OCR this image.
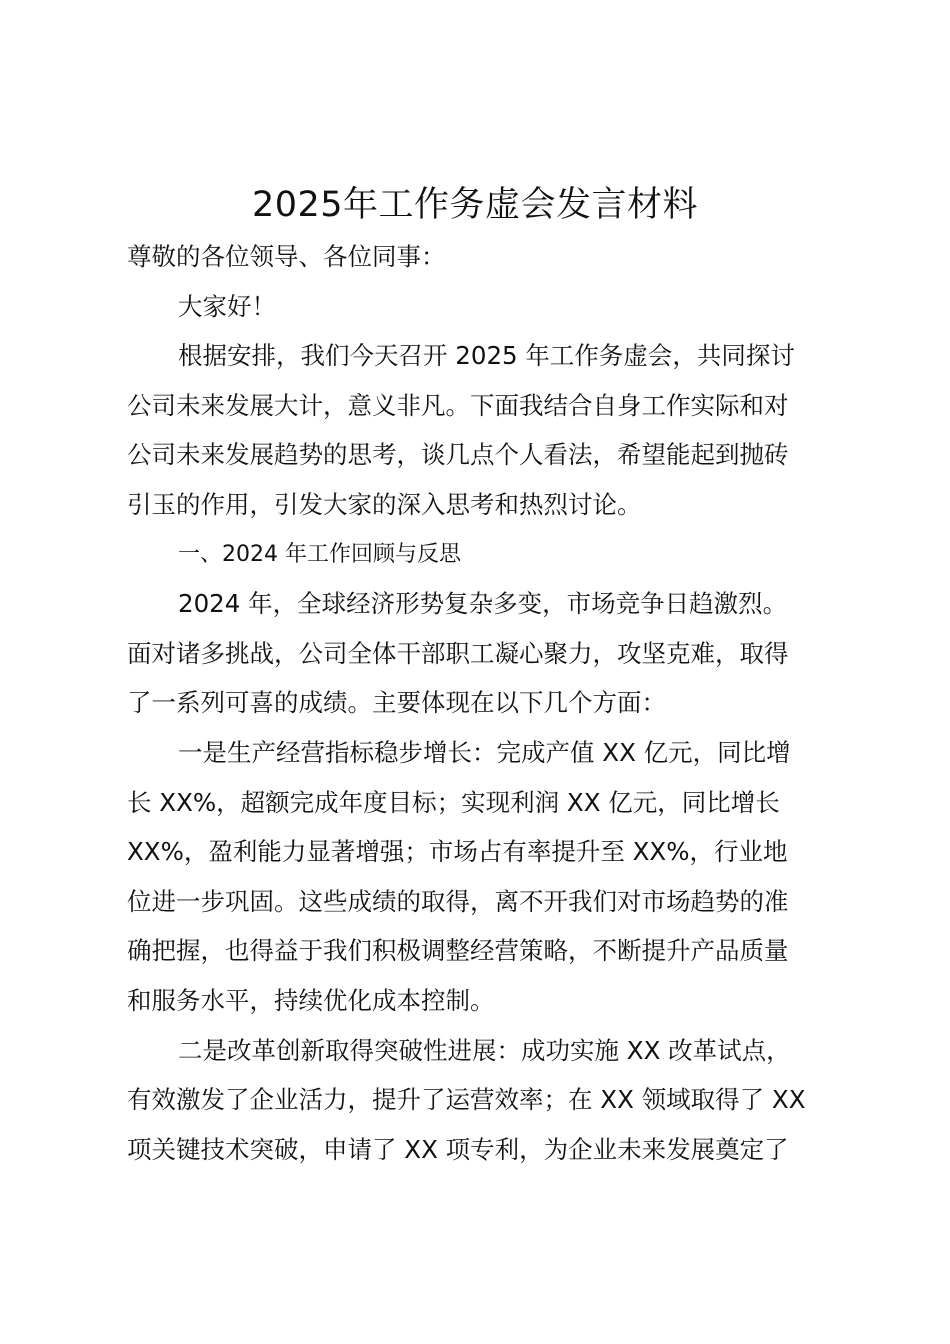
2025年工作务虚会发言材料
尊敬的各位领导、各位同事：
大家好！
根据安排，我们今天召开 2025 年工作务虚会，共同探讨
公司未来发展大计，意义非凡。下面我结合自身工作实际和对
公司未来发展趋势的思考，谈几点个人看法，希望能起到抛砖
引玉的作用，引发大家的深入思考和热烈讨论。
一、2024 年工作回顾与反思
2024 年，全球经济形势复杂多变，市场竞争日趋激烈。
面对诸多挑战，公司全体干部职工凝心聚力，攻坚克难，取得
了一系列可喜的成绩。主要体现在以下几个方面：
一是生产经营指标稳步增长：完成产值 XX 亿元，同比增
长 XX%，超额完成年度目标；实现利润 XX 亿元，同比增长
XX%，盈利能力显著增强；市场占有率提升至 XX%，行业地
位进一步巩固。这些成绩的取得，离不开我们对市场趋势的准
确把握，也得益于我们积极调整经营策略，不断提升产品质量
和服务水平，持续优化成本控制。
二是改革创新取得突破性进展：成功实施 XX 改革试点，
有效激发了企业活力，提升了运营效率；在 XX 领域取得了 XX
项关键技术突破，申请了 XX 项专利，为企业未来发展奠定了
